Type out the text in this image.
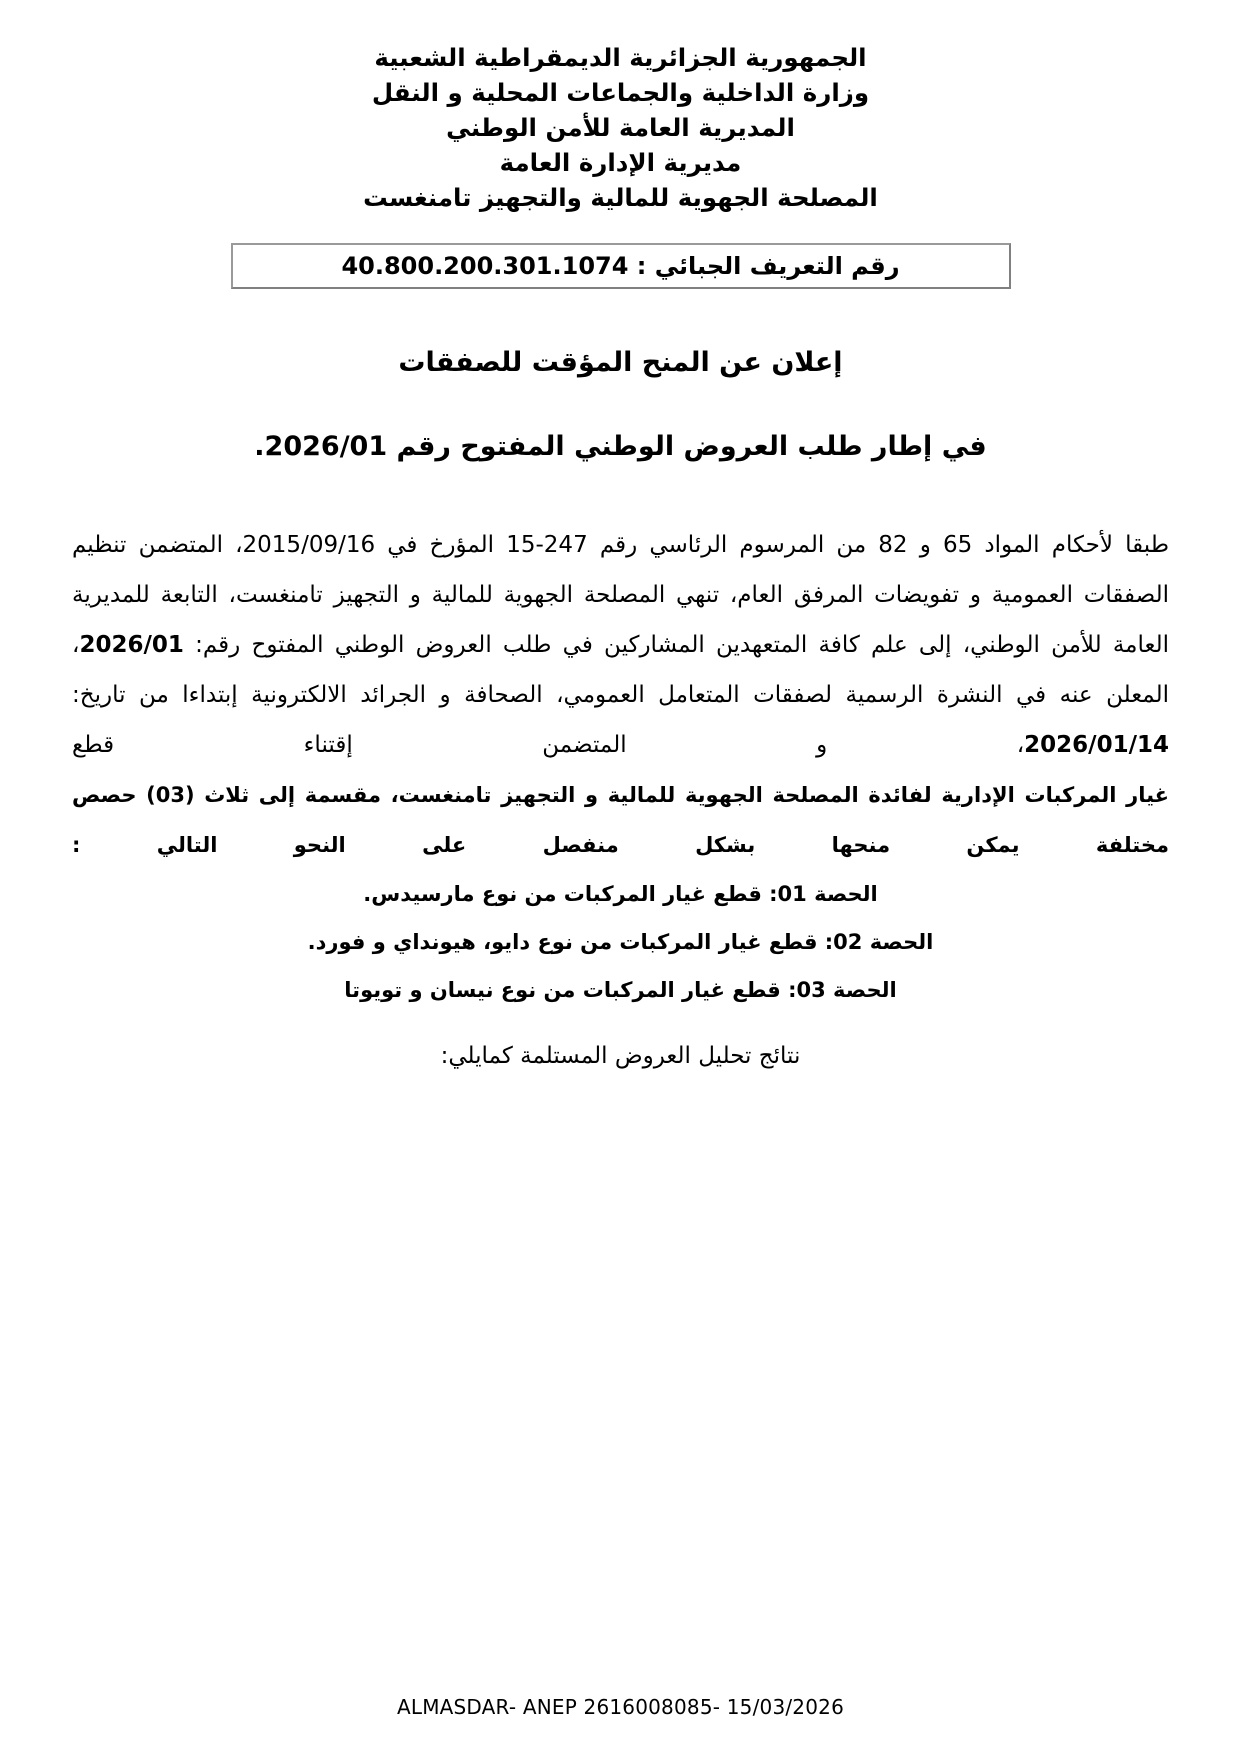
الجمهورية الجزائرية الديمقراطية الشعبية
وزارة الداخلية والجماعات المحلية و النقل
المديرية العامة للأمن الوطني
مديرية الإدارة العامة
المصلحة الجهوية للمالية والتجهيز تامنغست
رقم التعريف الجبائي : 40.800.200.301.1074
إعلان عن المنح المؤقت للصفقات
في إطار طلب العروض الوطني المفتوح رقم 2026/01.

طبقا لأحكام المواد 65 و 82 من المرسوم الرئاسي رقم 247-15 المؤرخ في 2015/09/16، المتضمن تنظيم الصفقات العمومية و تفويضات المرفق العام، تنهي المصلحة الجهوية للمالية و التجهيز تامنغست، التابعة للمديرية العامة للأمن الوطني، إلى علم كافة المتعهدين المشاركين في طلب العروض الوطني المفتوح رقم: 2026/01، المعلن عنه في النشرة الرسمية لصفقات المتعامل العمومي، الصحافة و الجرائد الالكترونية إبتداءا من تاريخ: 2026/01/14، و المتضمن إقتناء قطع

غيار المركبات الإدارية لفائدة المصلحة الجهوية للمالية و التجهيز تامنغست، مقسمة إلى ثلاث (03) حصص مختلفة يمكن منحها بشكل منفصل على النحو التالي :

الحصة 01: قطع غيار المركبات من نوع مارسيدس.

الحصة 02: قطع غيار المركبات من نوع دايو، هيونداي و فورد.

الحصة 03: قطع غيار المركبات من نوع نيسان و تويوتا

نتائج تحليل العروض المستلمة كمايلي:

ALMASDAR- ANEP 2616008085- 15/03/2026
